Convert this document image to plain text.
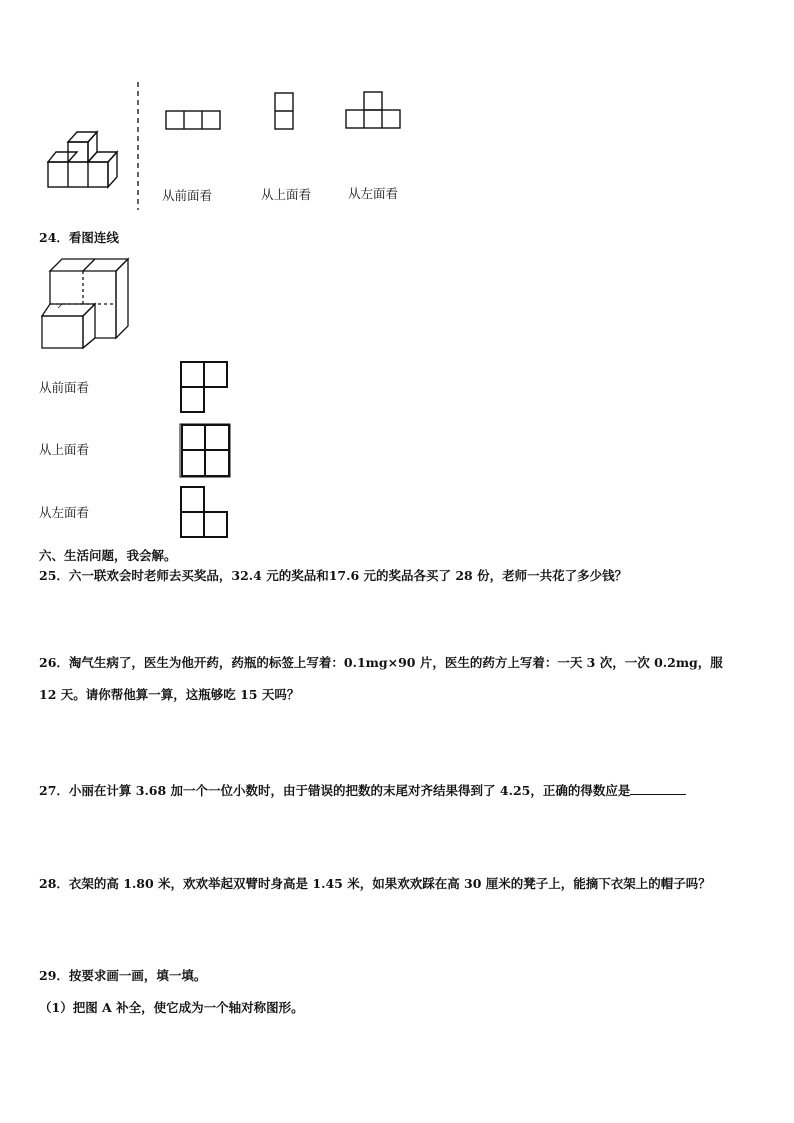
从前面看	从上面看	从左面看
24．看图连线
从前面看
从上面看
从左面看
六、生活问题，我会解。
25．六一联欢会时老师去买奖品，32.4 元的奖品和17.6 元的奖品各买了 28 份，老师一共花了多少钱？
26．淘气生病了，医生为他开药，药瓶的标签上写着：0.1mg×90 片，医生的药方上写着：一天 3 次，一次 0.2mg，服
12 天。请你帮他算一算，这瓶够吃 15 天吗？
27．小丽在计算 3.68 加一个一位小数时，由于错误的把数的末尾对齐结果得到了 4.25，正确的得数应是
28．衣架的高 1.80 米，欢欢举起双臂时身高是 1.45 米，如果欢欢踩在高 30 厘米的凳子上，能摘下衣架上的帽子吗？
29．按要求画一画，填一填。
（1）把图 A 补全，使它成为一个轴对称图形。
